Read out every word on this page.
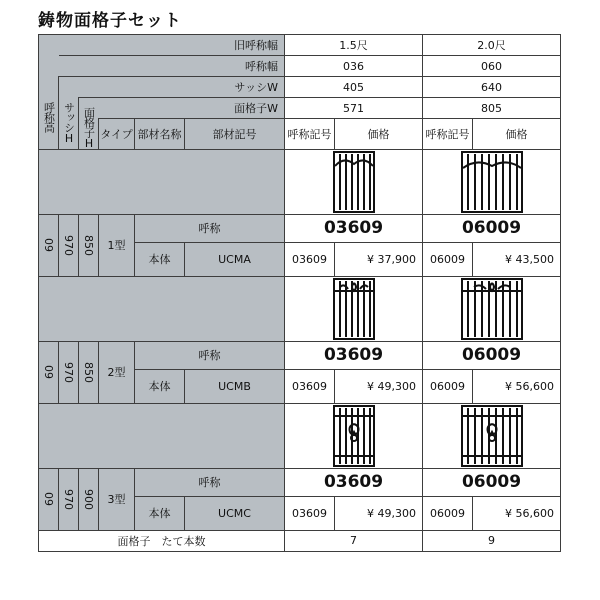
鋳物面格子セット
			旧呼称幅			1.5尺		2.0尺	
			呼称幅			036		060	
			サッシW			405		640	
			面格子W			571		805	

呼称高	サッシH	面格子H	タイプ	部材名称	部材記号	呼称記号	価格	呼称記号	価格

09	970	850	1型	呼称		03609		06009	
				本体	UCMA	03609	¥ 37,900	06009	¥ 43,500

09	970	850	2型	呼称		03609		06009	
				本体	UCMB	03609	¥ 49,300	06009	¥ 56,600

09	970	900	3型	呼称		03609		06009	
				本体	UCMC	03609	¥ 49,300	06009	¥ 56,600
面格子　たて本数						7		9	
